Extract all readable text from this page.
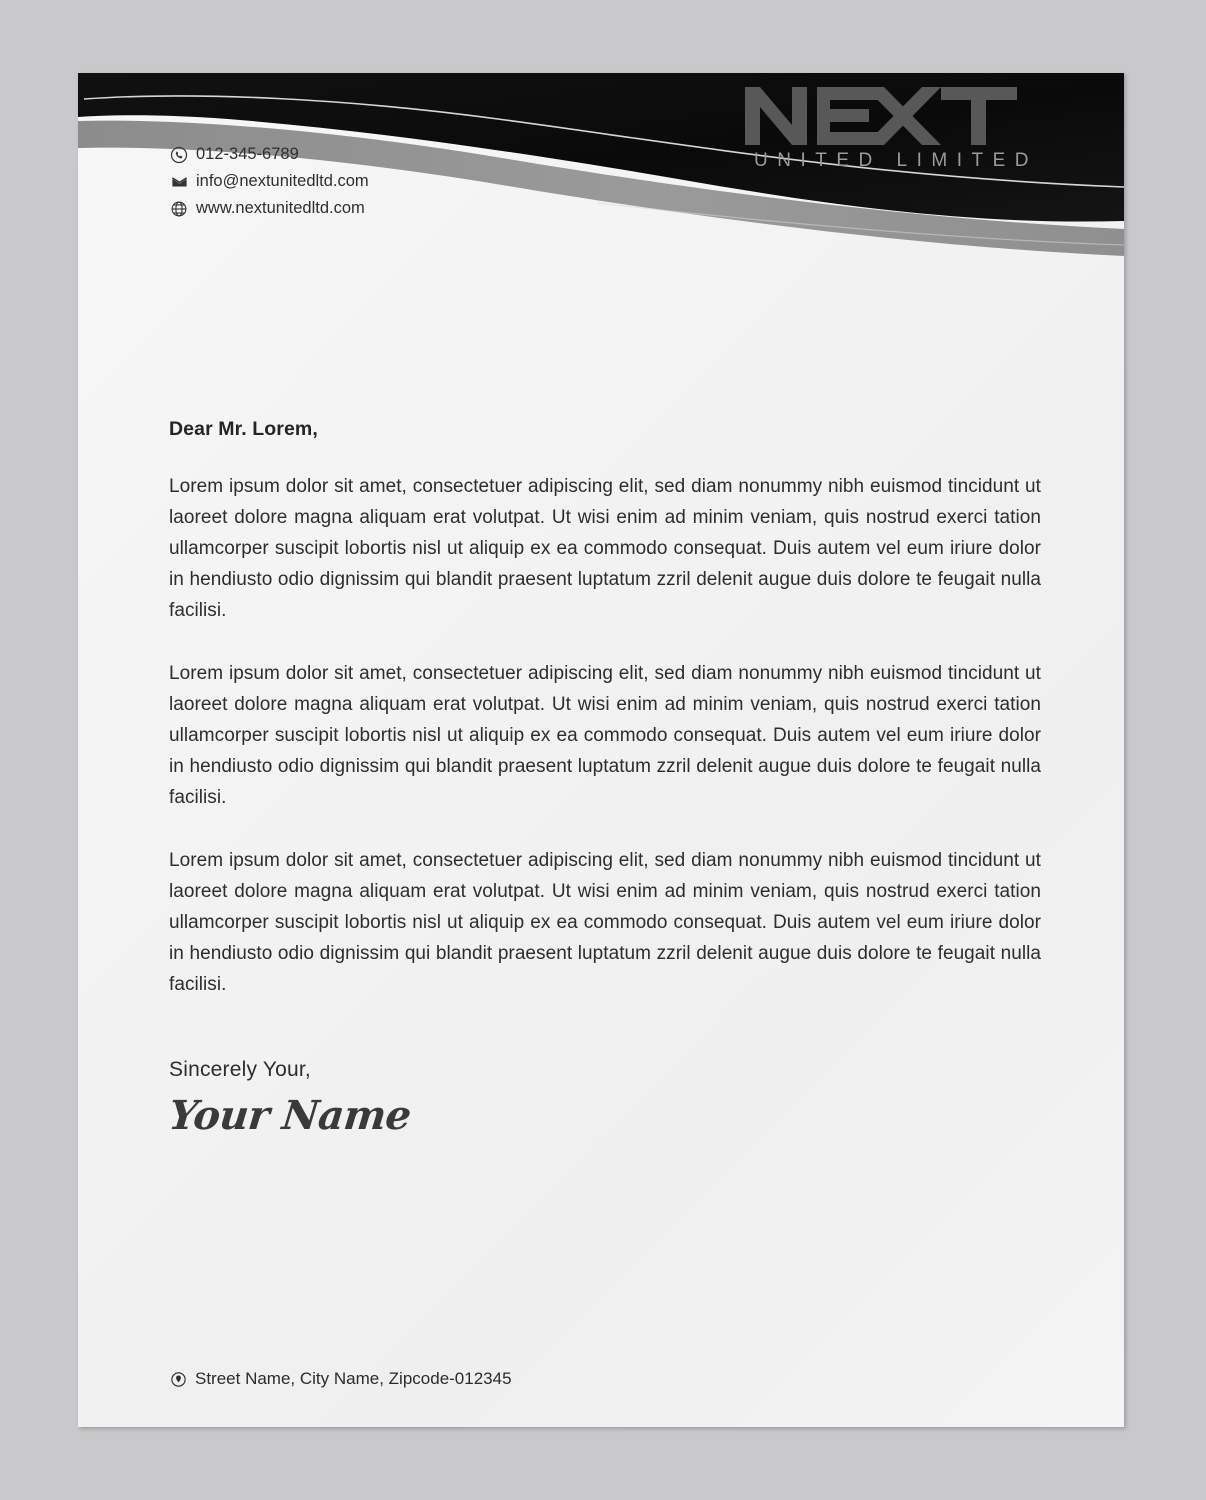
UNITED LIMITED
012-345-6789
info@nextunitedltd.com
www.nextunitedltd.com

Dear Mr. Lorem,

Lorem ipsum dolor sit amet, consectetuer adipiscing elit, sed diam nonummy nibh euismod tincidunt ut laoreet dolore magna aliquam erat volutpat. Ut wisi enim ad minim veniam, quis nostrud exerci tation ullamcorper suscipit lobortis nisl ut aliquip ex ea commodo consequat. Duis autem vel eum iriure dolor in hendiusto odio dignissim qui blandit praesent luptatum zzril delenit augue duis dolore te feugait nulla facilisi.

Lorem ipsum dolor sit amet, consectetuer adipiscing elit, sed diam nonummy nibh euismod tincidunt ut laoreet dolore magna aliquam erat volutpat. Ut wisi enim ad minim veniam, quis nostrud exerci tation ullamcorper suscipit lobortis nisl ut aliquip ex ea commodo consequat. Duis autem vel eum iriure dolor in hendiusto odio dignissim qui blandit praesent luptatum zzril delenit augue duis dolore te feugait nulla facilisi.

Lorem ipsum dolor sit amet, consectetuer adipiscing elit, sed diam nonummy nibh euismod tincidunt ut laoreet dolore magna aliquam erat volutpat. Ut wisi enim ad minim veniam, quis nostrud exerci tation ullamcorper suscipit lobortis nisl ut aliquip ex ea commodo consequat. Duis autem vel eum iriure dolor in hendiusto odio dignissim qui blandit praesent luptatum zzril delenit augue duis dolore te feugait nulla facilisi.

Sincerely Your,
Your Name
Street Name, City Name, Zipcode-012345
